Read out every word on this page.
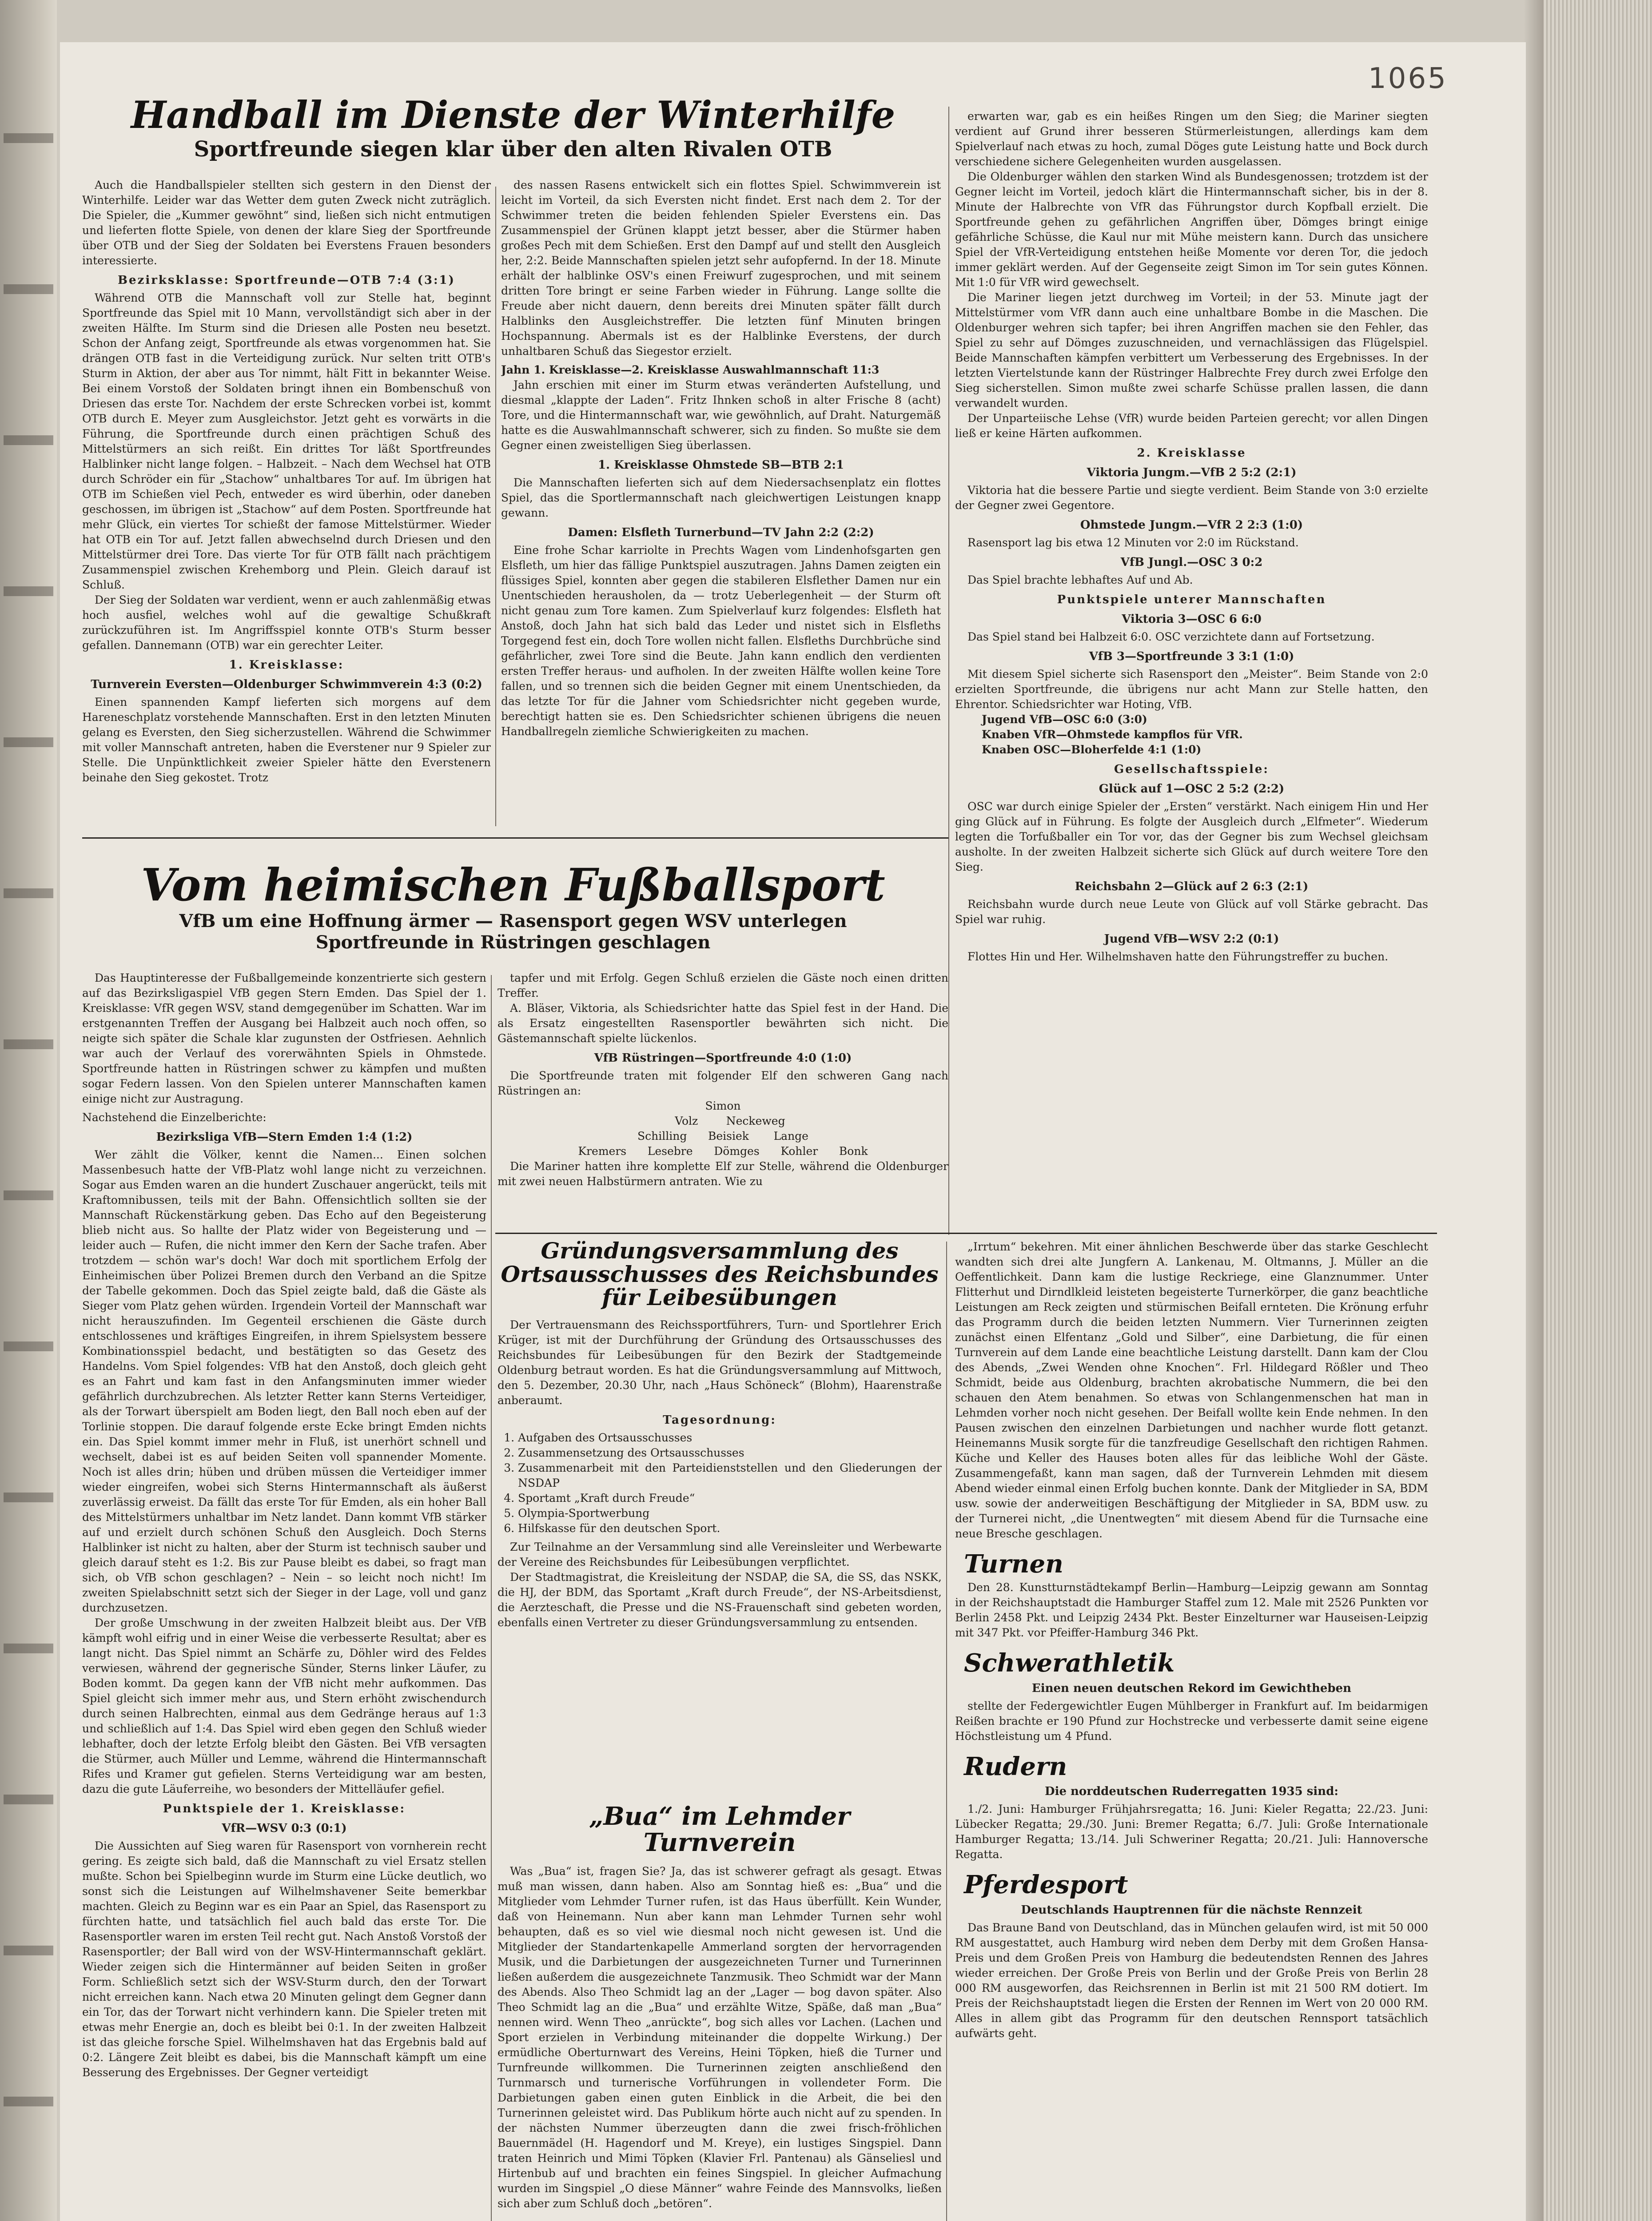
1065
Handball im Dienste der Winterhilfe
Sportfreunde siegen klar über den alten Rivalen OTB

Auch die Handballspieler stellten sich gestern in den Dienst der Winterhilfe. Leider war das Wetter dem guten Zweck nicht zuträglich. Die Spieler, die „Kummer gewöhnt“ sind, ließen sich nicht entmutigen und lieferten flotte Spiele, von denen der klare Sieg der Sportfreunde über OTB und der Sieg der Soldaten bei Everstens Frauen besonders interessierte.

Bezirksklasse: Sportfreunde—OTB 7:4 (3:1)

Während OTB die Mannschaft voll zur Stelle hat, beginnt Sportfreunde das Spiel mit 10 Mann, vervollständigt sich aber in der zweiten Hälfte. Im Sturm sind die Driesen alle Posten neu besetzt. Schon der Anfang zeigt, Sportfreunde als etwas vorgenommen hat. Sie drängen OTB fast in die Verteidigung zurück. Nur selten tritt OTB's Sturm in Aktion, der aber aus Tor nimmt, hält Fitt in bekannter Weise. Bei einem Vorstoß der Soldaten bringt ihnen ein Bombenschuß von Driesen das erste Tor. Nachdem der erste Schrecken vorbei ist, kommt OTB durch E. Meyer zum Ausgleichstor. Jetzt geht es vorwärts in die Führung, die Sportfreunde durch einen prächtigen Schuß des Mittelstürmers an sich reißt. Ein drittes Tor läßt Sportfreundes Halblinker nicht lange folgen. – Halbzeit. – Nach dem Wechsel hat OTB durch Schröder ein für „Stachow“ unhaltbares Tor auf. Im übrigen hat OTB im Schießen viel Pech, entweder es wird überhin, oder daneben geschossen, im übrigen ist „Stachow“ auf dem Posten. Sportfreunde hat mehr Glück, ein viertes Tor schießt der famose Mittelstürmer. Wieder hat OTB ein Tor auf. Jetzt fallen abwechselnd durch Driesen und den Mittelstürmer drei Tore. Das vierte Tor für OTB fällt nach prächtigem Zusammenspiel zwischen Krehemborg und Plein. Gleich darauf ist Schluß.

Der Sieg der Soldaten war verdient, wenn er auch zahlenmäßig etwas hoch ausfiel, welches wohl auf die gewaltige Schußkraft zurückzuführen ist. Im Angriffsspiel konnte OTB's Sturm besser gefallen. Dannemann (OTB) war ein gerechter Leiter.

1. Kreisklasse:
Turnverein Eversten—Oldenburger Schwimmverein 4:3 (0:2)

Einen spannenden Kampf lieferten sich morgens auf dem Hareneschplatz vorstehende Mannschaften. Erst in den letzten Minuten gelang es Eversten, den Sieg sicherzustellen. Während die Schwimmer mit voller Mannschaft antreten, haben die Everstener nur 9 Spieler zur Stelle. Die Unpünktlichkeit zweier Spieler hätte den Everstenern beinahe den Sieg gekostet. Trotz

des nassen Rasens entwickelt sich ein flottes Spiel. Schwimmverein ist leicht im Vorteil, da sich Eversten nicht findet. Erst nach dem 2. Tor der Schwimmer treten die beiden fehlenden Spieler Everstens ein. Das Zusammenspiel der Grünen klappt jetzt besser, aber die Stürmer haben großes Pech mit dem Schießen. Erst den Dampf auf und stellt den Ausgleich her, 2:2. Beide Mannschaften spielen jetzt sehr aufopfernd. In der 18. Minute erhält der halblinke OSV's einen Freiwurf zugesprochen, und mit seinem dritten Tore bringt er seine Farben wieder in Führung. Lange sollte die Freude aber nicht dauern, denn bereits drei Minuten später fällt durch Halblinks den Ausgleichstreffer. Die letzten fünf Minuten bringen Hochspannung. Abermals ist es der Halblinke Everstens, der durch unhaltbaren Schuß das Siegestor erzielt.

Jahn 1. Kreisklasse—2. Kreisklasse Auswahlmannschaft 11:3

Jahn erschien mit einer im Sturm etwas veränderten Aufstellung, und diesmal „klappte der Laden“. Fritz Ihnken schoß in alter Frische 8 (acht) Tore, und die Hintermannschaft war, wie gewöhnlich, auf Draht. Naturgemäß hatte es die Auswahlmannschaft schwerer, sich zu finden. So mußte sie dem Gegner einen zweistelligen Sieg überlassen.

1. Kreisklasse Ohmstede SB—BTB 2:1

Die Mannschaften lieferten sich auf dem Niedersachsenplatz ein flottes Spiel, das die Sportlermannschaft nach gleichwertigen Leistungen knapp gewann.

Damen: Elsfleth Turnerbund—TV Jahn 2:2 (2:2)

Eine frohe Schar karriolte in Prechts Wagen vom Lindenhofsgarten gen Elsfleth, um hier das fällige Punktspiel auszutragen. Jahns Damen zeigten ein flüssiges Spiel, konnten aber gegen die stabileren Elsflether Damen nur ein Unentschieden herausholen, da — trotz Ueberlegenheit — der Sturm oft nicht genau zum Tore kamen. Zum Spielverlauf kurz folgendes: Elsfleth hat Anstoß, doch Jahn hat sich bald das Leder und nistet sich in Elsfleths Torgegend fest ein, doch Tore wollen nicht fallen. Elsfleths Durchbrüche sind gefährlicher, zwei Tore sind die Beute. Jahn kann endlich den verdienten ersten Treffer heraus- und aufholen. In der zweiten Hälfte wollen keine Tore fallen, und so trennen sich die beiden Gegner mit einem Unentschieden, da das letzte Tor für die Jahner vom Schiedsrichter nicht gegeben wurde, berechtigt hatten sie es. Den Schiedsrichter schienen übrigens die neuen Handballregeln ziemliche Schwierigkeiten zu machen.

erwarten war, gab es ein heißes Ringen um den Sieg; die Mariner siegten verdient auf Grund ihrer besseren Stürmerleistungen, allerdings kam dem Spielverlauf nach etwas zu hoch, zumal Döges gute Leistung hatte und Bock durch verschiedene sichere Gelegenheiten wurden ausgelassen.

Die Oldenburger wählen den starken Wind als Bundesgenossen; trotzdem ist der Gegner leicht im Vorteil, jedoch klärt die Hintermannschaft sicher, bis in der 8. Minute der Halbrechte von VfR das Führungstor durch Kopfball erzielt. Die Sportfreunde gehen zu gefährlichen Angriffen über, Dömges bringt einige gefährliche Schüsse, die Kaul nur mit Mühe meistern kann. Durch das unsichere Spiel der VfR-Verteidigung entstehen heiße Momente vor deren Tor, die jedoch immer geklärt werden. Auf der Gegenseite zeigt Simon im Tor sein gutes Können. Mit 1:0 für VfR wird gewechselt.

Die Mariner liegen jetzt durchweg im Vorteil; in der 53. Minute jagt der Mittelstürmer vom VfR dann auch eine unhaltbare Bombe in die Maschen. Die Oldenburger wehren sich tapfer; bei ihren Angriffen machen sie den Fehler, das Spiel zu sehr auf Dömges zuzuschneiden, und vernachlässigen das Flügelspiel. Beide Mannschaften kämpfen verbittert um Verbesserung des Ergebnisses. In der letzten Viertelstunde kann der Rüstringer Halbrechte Frey durch zwei Erfolge den Sieg sicherstellen. Simon mußte zwei scharfe Schüsse prallen lassen, die dann verwandelt wurden.

Der Unparteiische Lehse (VfR) wurde beiden Parteien gerecht; vor allen Dingen ließ er keine Härten aufkommen.

2. Kreisklasse
Viktoria Jungm.—VfB 2 5:2 (2:1)

Viktoria hat die bessere Partie und siegte verdient. Beim Stande von 3:0 erzielte der Gegner zwei Gegentore.

Ohmstede Jungm.—VfR 2 2:3 (1:0)

Rasensport lag bis etwa 12 Minuten vor 2:0 im Rückstand.

VfB Jungl.—OSC 3 0:2

Das Spiel brachte lebhaftes Auf und Ab.

Punktspiele unterer Mannschaften
Viktoria 3—OSC 6 6:0

Das Spiel stand bei Halbzeit 6:0. OSC verzichtete dann auf Fortsetzung.

VfB 3—Sportfreunde 3 3:1 (1:0)

Mit diesem Spiel sicherte sich Rasensport den „Meister“. Beim Stande von 2:0 erzielten Sportfreunde, die übrigens nur acht Mann zur Stelle hatten, den Ehrentor. Schiedsrichter war Hoting, VfB.

Jugend VfB—OSC 6:0 (3:0)

Knaben VfR—Ohmstede kampflos für VfR.

Knaben OSC—Bloherfelde 4:1 (1:0)

Gesellschaftsspiele:
Glück auf 1—OSC 2 5:2 (2:2)

OSC war durch einige Spieler der „Ersten“ verstärkt. Nach einigem Hin und Her ging Glück auf in Führung. Es folgte der Ausgleich durch „Elfmeter“. Wiederum legten die Torfußballer ein Tor vor, das der Gegner bis zum Wechsel gleichsam ausholte. In der zweiten Halbzeit sicherte sich Glück auf durch weitere Tore den Sieg.

Reichsbahn 2—Glück auf 2 6:3 (2:1)

Reichsbahn wurde durch neue Leute von Glück auf voll Stärke gebracht. Das Spiel war ruhig.

Jugend VfB—WSV 2:2 (0:1)

Flottes Hin und Her. Wilhelmshaven hatte den Führungstreffer zu buchen.

Vom heimischen Fußballsport
VfB um eine Hoffnung ärmer — Rasensport gegen WSV unterlegen
Sportfreunde in Rüstringen geschlagen

Das Hauptinteresse der Fußballgemeinde konzentrierte sich gestern auf das Bezirksligaspiel VfB gegen Stern Emden. Das Spiel der 1. Kreisklasse: VfR gegen WSV, stand demgegenüber im Schatten. War im erstgenannten Treffen der Ausgang bei Halbzeit auch noch offen, so neigte sich später die Schale klar zugunsten der Ostfriesen. Aehnlich war auch der Verlauf des vorerwähnten Spiels in Ohmstede. Sportfreunde hatten in Rüstringen schwer zu kämpfen und mußten sogar Federn lassen. Von den Spielen unterer Mannschaften kamen einige nicht zur Austragung.

Nachstehend die Einzelberichte:

Bezirksliga VfB—Stern Emden 1:4 (1:2)

Wer zählt die Völker, kennt die Namen... Einen solchen Massenbesuch hatte der VfB-Platz wohl lange nicht zu verzeichnen. Sogar aus Emden waren an die hundert Zuschauer angerückt, teils mit Kraftomnibussen, teils mit der Bahn. Offensichtlich sollten sie der Mannschaft Rückenstärkung geben. Das Echo auf den Begeisterung blieb nicht aus. So hallte der Platz wider von Begeisterung und — leider auch — Rufen, die nicht immer den Kern der Sache trafen. Aber trotzdem — schön war's doch! War doch mit sportlichem Erfolg der Einheimischen über Polizei Bremen durch den Verband an die Spitze der Tabelle gekommen. Doch das Spiel zeigte bald, daß die Gäste als Sieger vom Platz gehen würden. Irgendein Vorteil der Mannschaft war nicht herauszufinden. Im Gegenteil erschienen die Gäste durch entschlossenes und kräftiges Eingreifen, in ihrem Spielsystem bessere Kombinationsspiel bedacht, und bestätigten so das Gesetz des Handelns. Vom Spiel folgendes: VfB hat den Anstoß, doch gleich geht es an Fahrt und kam fast in den Anfangsminuten immer wieder gefährlich durchzubrechen. Als letzter Retter kann Sterns Verteidiger, als der Torwart überspielt am Boden liegt, den Ball noch eben auf der Torlinie stoppen. Die darauf folgende erste Ecke bringt Emden nichts ein. Das Spiel kommt immer mehr in Fluß, ist unerhört schnell und wechselt, dabei ist es auf beiden Seiten voll spannender Momente. Noch ist alles drin; hüben und drüben müssen die Verteidiger immer wieder eingreifen, wobei sich Sterns Hintermannschaft als äußerst zuverlässig erweist. Da fällt das erste Tor für Emden, als ein hoher Ball des Mittelstürmers unhaltbar im Netz landet. Dann kommt VfB stärker auf und erzielt durch schönen Schuß den Ausgleich. Doch Sterns Halblinker ist nicht zu halten, aber der Sturm ist technisch sauber und gleich darauf steht es 1:2. Bis zur Pause bleibt es dabei, so fragt man sich, ob VfB schon geschlagen? – Nein – so leicht noch nicht! Im zweiten Spielabschnitt setzt sich der Sieger in der Lage, voll und ganz durchzusetzen.

Der große Umschwung in der zweiten Halbzeit bleibt aus. Der VfB kämpft wohl eifrig und in einer Weise die verbesserte Resultat; aber es langt nicht. Das Spiel nimmt an Schärfe zu, Döhler wird des Feldes verwiesen, während der gegnerische Sünder, Sterns linker Läufer, zu Boden kommt. Da gegen kann der VfB nicht mehr aufkommen. Das Spiel gleicht sich immer mehr aus, und Stern erhöht zwischendurch durch seinen Halbrechten, einmal aus dem Gedränge heraus auf 1:3 und schließlich auf 1:4. Das Spiel wird eben gegen den Schluß wieder lebhafter, doch der letzte Erfolg bleibt den Gästen. Bei VfB versagten die Stürmer, auch Müller und Lemme, während die Hintermannschaft Rifes und Kramer gut gefielen. Sterns Verteidigung war am besten, dazu die gute Läuferreihe, wo besonders der Mittelläufer gefiel.

Punktspiele der 1. Kreisklasse:
VfR—WSV 0:3 (0:1)

Die Aussichten auf Sieg waren für Rasensport von vornherein recht gering. Es zeigte sich bald, daß die Mannschaft zu viel Ersatz stellen mußte. Schon bei Spielbeginn wurde im Sturm eine Lücke deutlich, wo sonst sich die Leistungen auf Wilhelmshavener Seite bemerkbar machten. Gleich zu Beginn war es ein Paar an Spiel, das Rasensport zu fürchten hatte, und tatsächlich fiel auch bald das erste Tor. Die Rasensportler waren im ersten Teil recht gut. Nach Anstoß Vorstoß der Rasensportler; der Ball wird von der WSV-Hintermannschaft geklärt. Wieder zeigen sich die Hintermänner auf beiden Seiten in großer Form. Schließlich setzt sich der WSV-Sturm durch, den der Torwart nicht erreichen kann. Nach etwa 20 Minuten gelingt dem Gegner dann ein Tor, das der Torwart nicht verhindern kann. Die Spieler treten mit etwas mehr Energie an, doch es bleibt bei 0:1. In der zweiten Halbzeit ist das gleiche forsche Spiel. Wilhelmshaven hat das Ergebnis bald auf 0:2. Längere Zeit bleibt es dabei, bis die Mannschaft kämpft um eine Besserung des Ergebnisses. Der Gegner verteidigt

tapfer und mit Erfolg. Gegen Schluß erzielen die Gäste noch einen dritten Treffer.

A. Bläser, Viktoria, als Schiedsrichter hatte das Spiel fest in der Hand. Die als Ersatz eingestellten Rasensportler bewährten sich nicht. Die Gästemannschaft spielte lückenlos.

VfB Rüstringen—Sportfreunde 4:0 (1:0)

Die Sportfreunde traten mit folgender Elf den schweren Gang nach Rüstringen an:

Simon
Volz        Neckeweg
Schilling      Beisiek       Lange
Kremers      Lesebre      Dömges      Kohler      Bonk

Die Mariner hatten ihre komplette Elf zur Stelle, während die Oldenburger mit zwei neuen Halbstürmern antraten. Wie zu

Gründungsversammlung des Ortsausschusses des Reichsbundes für Leibesübungen

Der Vertrauensmann des Reichssportführers, Turn- und Sportlehrer Erich Krüger, ist mit der Durchführung der Gründung des Ortsausschusses des Reichsbundes für Leibesübungen für den Bezirk der Stadtgemeinde Oldenburg betraut worden. Es hat die Gründungsversammlung auf Mittwoch, den 5. Dezember, 20.30 Uhr, nach „Haus Schöneck“ (Blohm), Haarenstraße anberaumt.

Tagesordnung:
1. Aufgaben des Ortsausschusses
2. Zusammensetzung des Ortsausschusses
3. Zusammenarbeit mit den Parteidienststellen und den Gliederungen der NSDAP
4. Sportamt „Kraft durch Freude“
5. Olympia-Sportwerbung
6. Hilfskasse für den deutschen Sport.

Zur Teilnahme an der Versammlung sind alle Vereinsleiter und Werbewarte der Vereine des Reichsbundes für Leibesübungen verpflichtet.

Der Stadtmagistrat, die Kreisleitung der NSDAP, die SA, die SS, das NSKK, die HJ, der BDM, das Sportamt „Kraft durch Freude“, der NS-Arbeitsdienst, die Aerzteschaft, die Presse und die NS-Frauenschaft sind gebeten worden, ebenfalls einen Vertreter zu dieser Gründungsversammlung zu entsenden.

„Bua“ im Lehmder Turnverein

Was „Bua“ ist, fragen Sie? Ja, das ist schwerer gefragt als gesagt. Etwas muß man wissen, dann haben. Also am Sonntag hieß es: „Bua“ und die Mitglieder vom Lehmder Turner rufen, ist das Haus überfüllt. Kein Wunder, daß von Heinemann. Nun aber kann man Lehmder Turnen sehr wohl behaupten, daß es so viel wie diesmal noch nicht gewesen ist. Und die Mitglieder der Standartenkapelle Ammerland sorgten der hervorragenden Musik, und die Darbietungen der ausgezeichneten Turner und Turnerinnen ließen außerdem die ausgezeichnete Tanzmusik. Theo Schmidt war der Mann des Abends. Also Theo Schmidt lag an der „Lager — bog davon später. Also Theo Schmidt lag an die „Bua“ und erzählte Witze, Späße, daß man „Bua“ nennen wird. Wenn Theo „anrückte“, bog sich alles vor Lachen. (Lachen und Sport erzielen in Verbindung miteinander die doppelte Wirkung.) Der ermüdliche Oberturnwart des Vereins, Heini Töpken, hieß die Turner und Turnfreunde willkommen. Die Turnerinnen zeigten anschließend den Turnmarsch und turnerische Vorführungen in vollendeter Form. Die Darbietungen gaben einen guten Einblick in die Arbeit, die bei den Turnerinnen geleistet wird. Das Publikum hörte auch nicht auf zu spenden. In der nächsten Nummer überzeugten dann die zwei frisch-fröhlichen Bauernmädel (H. Hagendorf und M. Kreye), ein lustiges Singspiel. Dann traten Heinrich und Mimi Töpken (Klavier Frl. Pantenau) als Gänseliesl und Hirtenbub auf und brachten ein feines Singspiel. In gleicher Aufmachung wurden im Singspiel „O diese Männer“ wahre Feinde des Mannsvolks, ließen sich aber zum Schluß doch „betören“.

„Irrtum“ bekehren. Mit einer ähnlichen Beschwerde über das starke Geschlecht wandten sich drei alte Jungfern A. Lankenau, M. Oltmanns, J. Müller an die Oeffentlichkeit. Dann kam die lustige Reckriege, eine Glanznummer. Unter Flitterhut und Dirndlkleid leisteten begeisterte Turnerkörper, die ganz beachtliche Leistungen am Reck zeigten und stürmischen Beifall ernteten. Die Krönung erfuhr das Programm durch die beiden letzten Nummern. Vier Turnerinnen zeigten zunächst einen Elfentanz „Gold und Silber“, eine Darbietung, die für einen Turnverein auf dem Lande eine beachtliche Leistung darstellt. Dann kam der Clou des Abends, „Zwei Wenden ohne Knochen“. Frl. Hildegard Rößler und Theo Schmidt, beide aus Oldenburg, brachten akrobatische Nummern, die bei den schauen den Atem benahmen. So etwas von Schlangenmenschen hat man in Lehmden vorher noch nicht gesehen. Der Beifall wollte kein Ende nehmen. In den Pausen zwischen den einzelnen Darbietungen und nachher wurde flott getanzt. Heinemanns Musik sorgte für die tanzfreudige Gesellschaft den richtigen Rahmen. Küche und Keller des Hauses boten alles für das leibliche Wohl der Gäste. Zusammengefaßt, kann man sagen, daß der Turnverein Lehmden mit diesem Abend wieder einmal einen Erfolg buchen konnte. Dank der Mitglieder in SA, BDM usw. sowie der anderweitigen Beschäftigung der Mitglieder in SA, BDM usw. zu der Turnerei nicht, „die Unentwegten“ mit diesem Abend für die Turnsache eine neue Bresche geschlagen.

Turnen

Den 28. Kunstturnstädtekampf Berlin—Hamburg—Leipzig gewann am Sonntag in der Reichshauptstadt die Hamburger Staffel zum 12. Male mit 2526 Punkten vor Berlin 2458 Pkt. und Leipzig 2434 Pkt. Bester Einzelturner war Hauseisen-Leipzig mit 347 Pkt. vor Pfeiffer-Hamburg 346 Pkt.

Schwerathletik
Einen neuen deutschen Rekord im Gewichtheben

stellte der Federgewichtler Eugen Mühlberger in Frankfurt auf. Im beidarmigen Reißen brachte er 190 Pfund zur Hochstrecke und verbesserte damit seine eigene Höchstleistung um 4 Pfund.

Rudern
Die norddeutschen Ruderregatten 1935 sind:

1./2. Juni: Hamburger Frühjahrsregatta; 16. Juni: Kieler Regatta; 22./23. Juni: Lübecker Regatta; 29./30. Juni: Bremer Regatta; 6./7. Juli: Große Internationale Hamburger Regatta; 13./14. Juli Schweriner Regatta; 20./21. Juli: Hannoversche Regatta.

Pferdesport
Deutschlands Hauptrennen für die nächste Rennzeit

Das Braune Band von Deutschland, das in München gelaufen wird, ist mit 50 000 RM ausgestattet, auch Hamburg wird neben dem Derby mit dem Großen Hansa-Preis und dem Großen Preis von Hamburg die bedeutendsten Rennen des Jahres wieder erreichen. Der Große Preis von Berlin und der Große Preis von Berlin 28 000 RM ausgeworfen, das Reichsrennen in Berlin ist mit 21 500 RM dotiert. Im Preis der Reichshauptstadt liegen die Ersten der Rennen im Wert von 20 000 RM. Alles in allem gibt das Programm für den deutschen Rennsport tatsächlich aufwärts geht.
